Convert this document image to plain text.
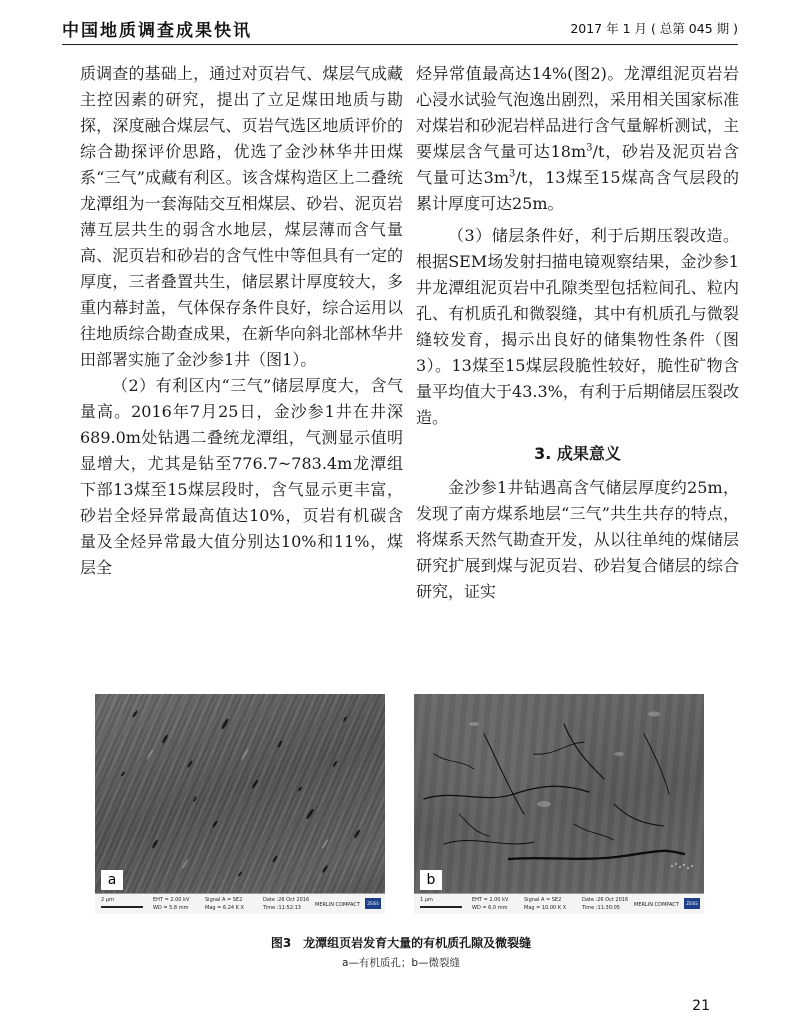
中国地质调查成果快讯	2017 年 1 月 ( 总第 045 期 )

质调查的基础上，通过对页岩气、煤层气成藏主控因素的研究，提出了立足煤田地质与勘探，深度融合煤层气、页岩气选区地质评价的综合勘探评价思路，优选了金沙林华井田煤系“三气”成藏有利区。该含煤构造区上二叠统龙潭组为一套海陆交互相煤层、砂岩、泥页岩薄互层共生的弱含水地层，煤层薄而含气量高、泥页岩和砂岩的含气性中等但具有一定的厚度，三者叠置共生，储层累计厚度较大，多重内幕封盖，气体保存条件良好，综合运用以往地质综合勘查成果，在新华向斜北部林华井田部署实施了金沙参1井（图1）。

（2）有利区内“三气”储层厚度大，含气量高。2016年7月25日，金沙参1井在井深689.0m处钻遇二叠统龙潭组，气测显示值明显增大，尤其是钻至776.7~783.4m龙潭组下部13煤至15煤层段时，含气显示更丰富，砂岩全烃异常最高值达10%，页岩有机碳含量及全烃异常最大值分别达10%和11%，煤层全

烃异常值最高达14%(图2)。龙潭组泥页岩岩心浸水试验气泡逸出剧烈，采用相关国家标准对煤岩和砂泥岩样品进行含气量解析测试，主要煤层含气量可达$18m^3/t$，砂岩及泥页岩含气量可达$3m^3/t$，13煤至15煤高含气层段的累计厚度可达25m。

（3）储层条件好，利于后期压裂改造。根据SEM场发射扫描电镜观察结果，金沙参1井龙潭组泥页岩中孔隙类型包括粒间孔、粒内孔、有机质孔和微裂缝，其中有机质孔与微裂缝较发育，揭示出良好的储集物性条件（图3）。13煤至15煤层段脆性较好，脆性矿物含量平均值大于43.3%，有利于后期储层压裂改造。

3. 成果意义

金沙参1井钻遇高含气储层厚度约25m，发现了南方煤系地层“三气”共生共存的特点，将煤系天然气勘查开发，从以往单纯的煤储层研究扩展到煤与泥页岩、砂岩复合储层的综合研究，证实

a
2 μm	EHT = 2.00 kV
WD = 5.8 mm
Signal A = SE2
Mag = 6.24 K X
Date :26 Oct 2016
Time :11:52:13	MERLIN COMPACT	ZEISS
b
1 μm	EHT = 2.00 kV
WD = 6.0 mm
Signal A = SE2
Mag = 10.00 K X
Date :26 Oct 2016
Time :11:30:05	MERLIN COMPACT	ZEISS
图3　龙潭组页岩发育大量的有机质孔隙及微裂缝
a—有机质孔；b—微裂缝
21
